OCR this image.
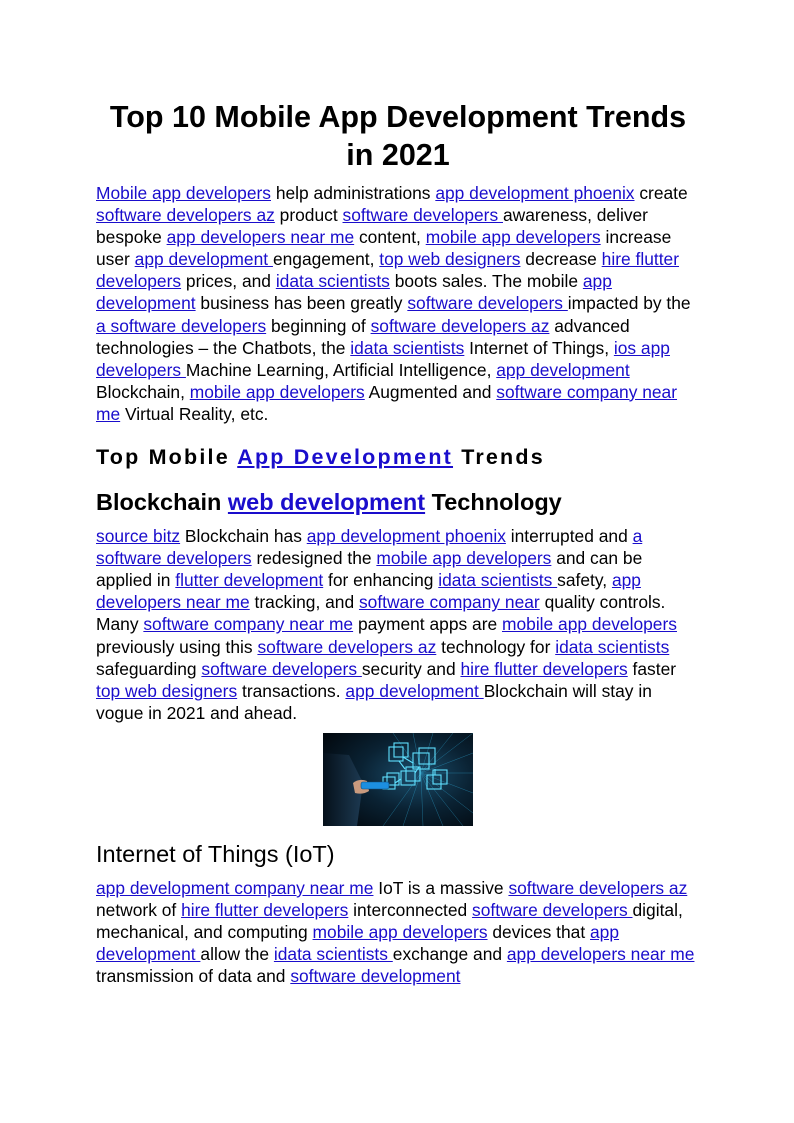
Top 10 Mobile App Development Trends in 2021

Mobile app developers help administrations app development phoenix create software developers az product software developers awareness, deliver bespoke app developers near me content, mobile app developers increase user app development engagement, top web designers decrease hire flutter developers prices, and idata scientists boots sales. The mobile app development business has been greatly software developers impacted by the a software developers beginning of software developers az advanced technologies – the Chatbots, the idata scientists Internet of Things, ios app developers Machine Learning, Artificial Intelligence, app development Blockchain, mobile app developers Augmented and software company near me Virtual Reality, etc.

Top Mobile App Development Trends
Blockchain web development Technology

source bitz Blockchain has app development phoenix interrupted and a software developers redesigned the mobile app developers and can be applied in flutter development for enhancing idata scientists safety, app developers near me tracking, and software company near quality controls. Many software company near me payment apps are mobile app developers previously using this software developers az technology for idata scientists safeguarding software developers security and hire flutter developers faster top web designers transactions. app development Blockchain will stay in vogue in 2021 and ahead.

Internet of Things (IoT)

app development company near me IoT is a massive software developers az network of hire flutter developers interconnected software developers digital, mechanical, and computing mobile app developers devices that app development allow the idata scientists exchange and app developers near me transmission of data and software development
